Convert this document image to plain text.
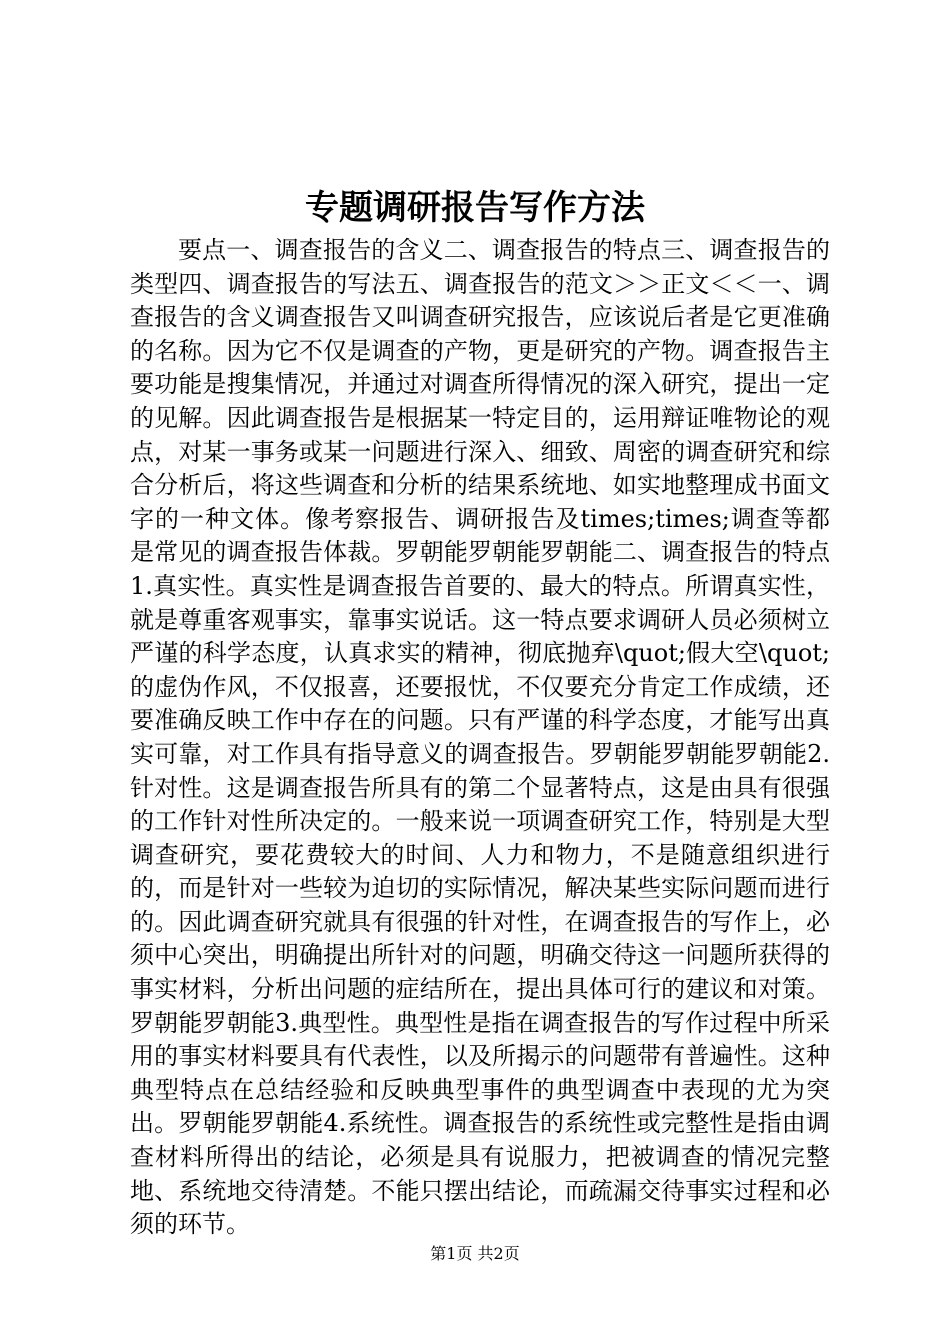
专题调研报告写作方法

要点一、调查报告的含义二、调查报告的特点三、调查报告的类型四、调查报告的写法五、调查报告的范文＞＞正文＜＜一、调查报告的含义调查报告又叫调查研究报告，应该说后者是它更准确的名称。因为它不仅是调查的产物，更是研究的产物。调查报告主要功能是搜集情况，并通过对调查所得情况的深入研究，提出一定的见解。因此调查报告是根据某一特定目的，运用辩证唯物论的观点，对某一事务或某一问题进行深入、细致、周密的调查研究和综合分析后，将这些调查和分析的结果系统地、如实地整理成书面文字的一种文体。像考察报告、调研报告及times;times;调查等都是常见的调查报告体裁。罗朝能罗朝能罗朝能二、调查报告的特点1.真实性。真实性是调查报告首要的、最大的特点。所谓真实性，就是尊重客观事实，靠事实说话。这一特点要求调研人员必须树立严谨的科学态度，认真求实的精神，彻底抛弃\quot;假大空\quot;的虚伪作风，不仅报喜，还要报忧，不仅要充分肯定工作成绩，还要准确反映工作中存在的问题。只有严谨的科学态度，才能写出真实可靠，对工作具有指导意义的调查报告。罗朝能罗朝能罗朝能2.针对性。这是调查报告所具有的第二个显著特点，这是由具有很强的工作针对性所决定的。一般来说一项调查研究工作，特别是大型调查研究，要花费较大的时间、人力和物力，不是随意组织进行的，而是针对一些较为迫切的实际情况，解决某些实际问题而进行的。因此调查研究就具有很强的针对性，在调查报告的写作上，必须中心突出，明确提出所针对的问题，明确交待这一问题所获得的事实材料，分析出问题的症结所在，提出具体可行的建议和对策。罗朝能罗朝能3.典型性。典型性是指在调查报告的写作过程中所采用的事实材料要具有代表性，以及所揭示的问题带有普遍性。这种典型特点在总结经验和反映典型事件的典型调查中表现的尤为突出。罗朝能罗朝能4.系统性。调查报告的系统性或完整性是指由调查材料所得出的结论，必须是具有说服力，把被调查的情况完整地、系统地交待清楚。不能只摆出结论，而疏漏交待事实过程和必须的环节。

第1页 共2页
